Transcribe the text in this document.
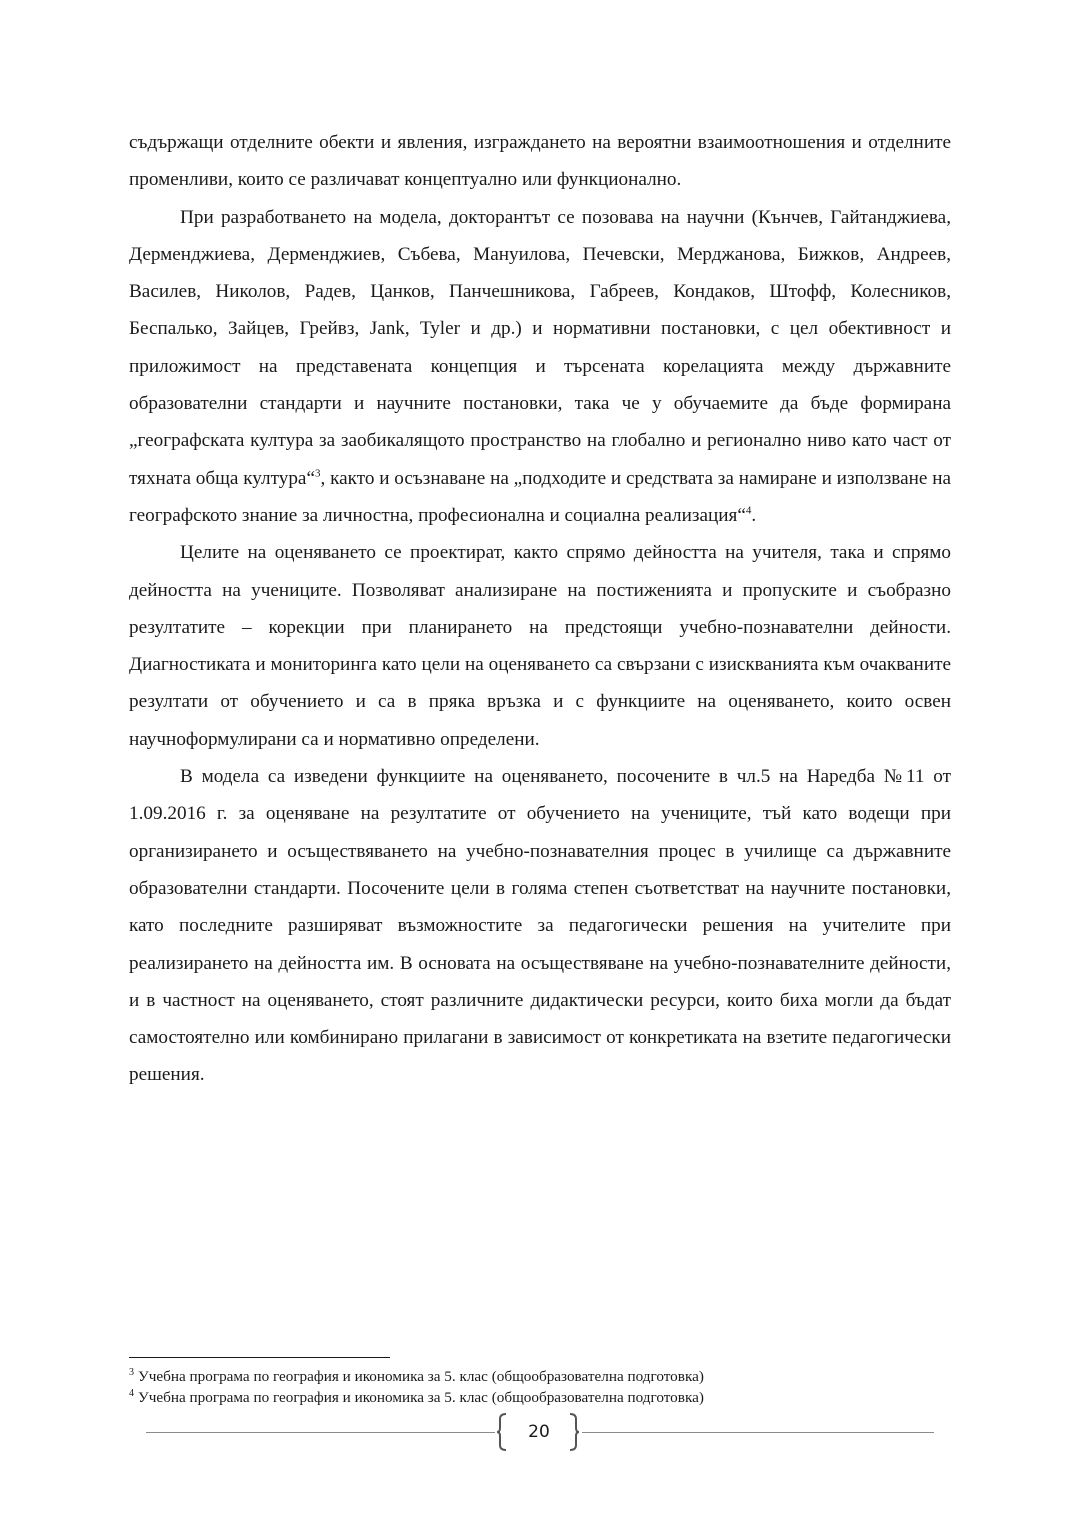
съдържащи отделните обекти и явления, изграждането на вероятни взаимоотношения и отделните променливи, които се различават концептуално или функционално.

При разработването на модела, докторантът се позовава на научни (Кънчев, Гайтанджиева, Дерменджиева, Дерменджиев, Събева, Мануилова, Печевски, Мерджанова, Бижков, Андреев, Василев, Николов, Радев, Цанков, Панчешникова, Габреев, Кондаков, Штофф, Колесников, Беспалько, Зайцев, Грейвз, Jank, Tyler и др.) и нормативни постановки, с цел обективност и приложимост на представената концепция и търсената корелацията между държавните образователни стандарти и научните постановки, така че у обучаемите да бъде формирана „географската култура за заобикалящото пространство на глобално и регионално ниво като част от тяхната обща култура“$^3$, както и осъзнаване на „подходите и средствата за намиране и използване на географското знание за личностна, професионална и социална реализация“$^4$.

Целите на оценяването се проектират, както спрямо дейността на учителя, така и спрямо дейността на учениците. Позволяват анализиране на постиженията и пропуските и съобразно резултатите – корекции при планирането на предстоящи учебно-познавателни дейности. Диагностиката и мониторинга като цели на оценяването са свързани с изискванията към очакваните резултати от обучението и са в пряка връзка и с функциите на оценяването, които освен научноформулирани са и нормативно определени.

В модела са изведени функциите на оценяването, посочените в чл.5 на Наредба №11 от 1.09.2016 г. за оценяване на резултатите от обучението на учениците, тъй като водещи при организирането и осъществяването на учебно-познавателния процес в училище са държавните образователни стандарти. Посочените цели в голяма степен съответстват на научните постановки, като последните разширяват възможностите за педагогически решения на учителите при реализирането на дейността им. В основата на осъществяване на учебно-познавателните дейности, и в частност на оценяването, стоят различните дидактически ресурси, които биха могли да бъдат самостоятелно или комбинирано прилагани в зависимост от конкретиката на взетите педагогически решения.

$^3$ Учебна програма по география и икономика за 5. клас (общообразователна подготовка)

$^4$ Учебна програма по география и икономика за 5. клас (общообразователна подготовка)

20
